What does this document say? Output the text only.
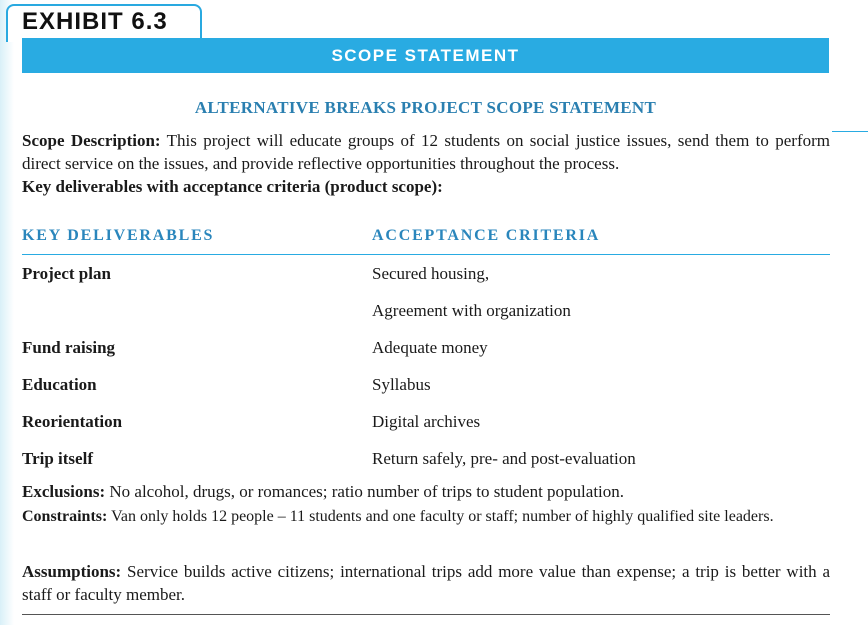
EXHIBIT 6.3
SCOPE STATEMENT
ALTERNATIVE BREAKS PROJECT SCOPE STATEMENT
Scope Description: This project will educate groups of 12 students on social justice issues, send them to perform direct service on the issues, and provide reflective opportunities throughout the process.
Key deliverables with acceptance criteria (product scope):
KEY DELIVERABLES	ACCEPTANCE CRITERIA
Project plan	Secured housing,
Agreement with organization
Fund raising	Adequate money
Education	Syllabus
Reorientation	Digital archives
Trip itself	Return safely, pre- and post-evaluation
Exclusions: No alcohol, drugs, or romances; ratio number of trips to student population.
Constraints: Van only holds 12 people – 11 students and one faculty or staff; number of highly qualified site leaders.
Assumptions: Service builds active citizens; international trips add more value than expense; a trip is better with a staff or faculty member.
